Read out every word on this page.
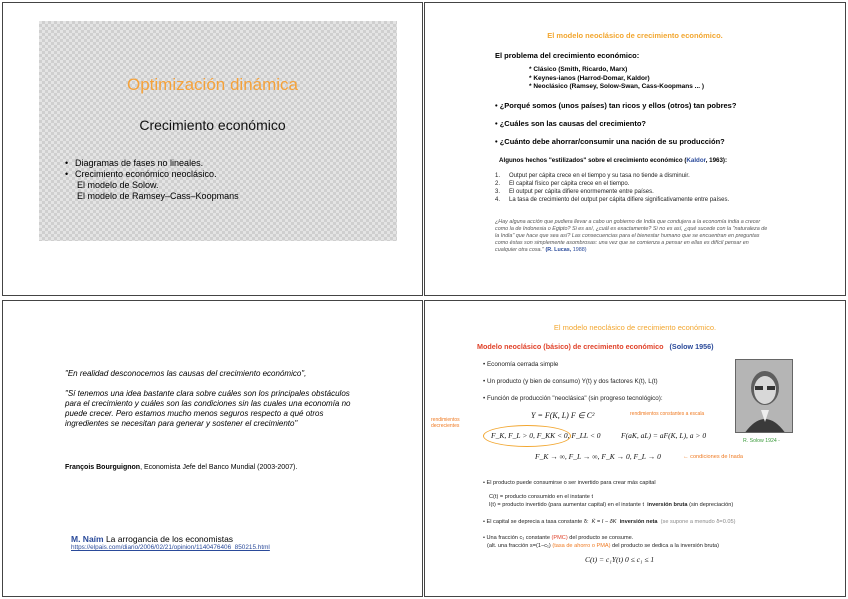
Optimización dinámica
Crecimiento económico
• Diagramas de fases no lineales.
• Crecimiento económico neoclásico.
El modelo de Solow.
El modelo de Ramsey–Cass–Koopmans
El modelo neoclásico de crecimiento económico.
El problema del crecimiento económico:
* Clásico (Smith, Ricardo, Marx)
* Keynes-ianos (Harrod-Domar, Kaldor)
* Neoclásico (Ramsey, Solow-Swan, Cass-Koopmans ... )
• ¿Porqué somos (unos países) tan ricos y ellos (otros) tan pobres?
• ¿Cuáles son las causas del crecimiento?
• ¿Cuánto debe ahorrar/consumir una nación de su producción?
Algunos hechos "estilizados" sobre el crecimiento económico (Kaldor, 1963):
1. Output per cápita crece en el tiempo y su tasa no tiende a disminuir.
2. El capital físico per cápita crece en el tiempo.
3. El output per cápita difiere enormemente entre países.
4. La tasa de crecimiento del output per cápita difiere significativamente entre países.
¿Hay alguna acción que pudiera llevar a cabo un gobierno de India que condujera a la economía india a crecer como la de Indonesia o Egipto? Si es así, ¿cuál es exactamente? Si no es así, ¿qué sucede con la "naturaleza de la India" que hace que sea así? Las consecuencias para el bienestar humano que se encuentran en preguntas como éstas son simplemente asombrosas: una vez que se comienza a pensar en ellas es difícil pensar en cualquier otra cosa." (R. Lucas, 1988)
"En realidad desconocemos las causas del crecimiento económico",
"Sí tenemos una idea bastante clara sobre cuáles son los principales obstáculos para el crecimiento y cuáles son las condiciones sin las cuales una economía no puede crecer. Pero estamos mucho menos seguros respecto a qué otros ingredientes se necesitan para generar y sostener el crecimiento"
François Bourguignon, Economista Jefe del Banco Mundial (2003-2007).
M. Naím La arrogancia de los economistas
https://elpais.com/diario/2006/02/21/opinion/1140476406_850215.html
El modelo neoclásico de crecimiento económico.
Modelo neoclásico (básico) de crecimiento económico (Solow 1956)
• Economía cerrada simple
• Un producto (y bien de consumo) Y(t) y dos factores K(t), L(t)
• Función de producción "neoclásica" (sin progreso tecnológico):
R. Solow 1924 -
Y = F(K, L) F ∈ C²
rendimientos decrecientes
rendimientos constantes a escala
F_K, F_L > 0, F_KK < 0, F_LL < 0	F(aK, aL) = aF(K, L), a > 0
F_K → ∞, F_L → ∞, F_K → 0, F_L → 0	← condiciones de Inada
• El producto puede consumirse o ser invertido para crear más capital
C(t) = producto consumido en el instante t
I(t) = producto invertido (para aumentar capital) en el instante t inversión bruta (sin depreciación)
• El capital se deprecia a tasa constante δ: K̇ = I − δK inversión neta (se supone a menudo δ=0.05)
• Una fracción c₁ constante (PMC) del producto se consume.
(alt. una fracción s=(1−c₁) (tasa de ahorro o PMA) del producto se dedica a la inversión bruta)
C(t) = c₁Y(t) 0 ≤ c₁ ≤ 1
